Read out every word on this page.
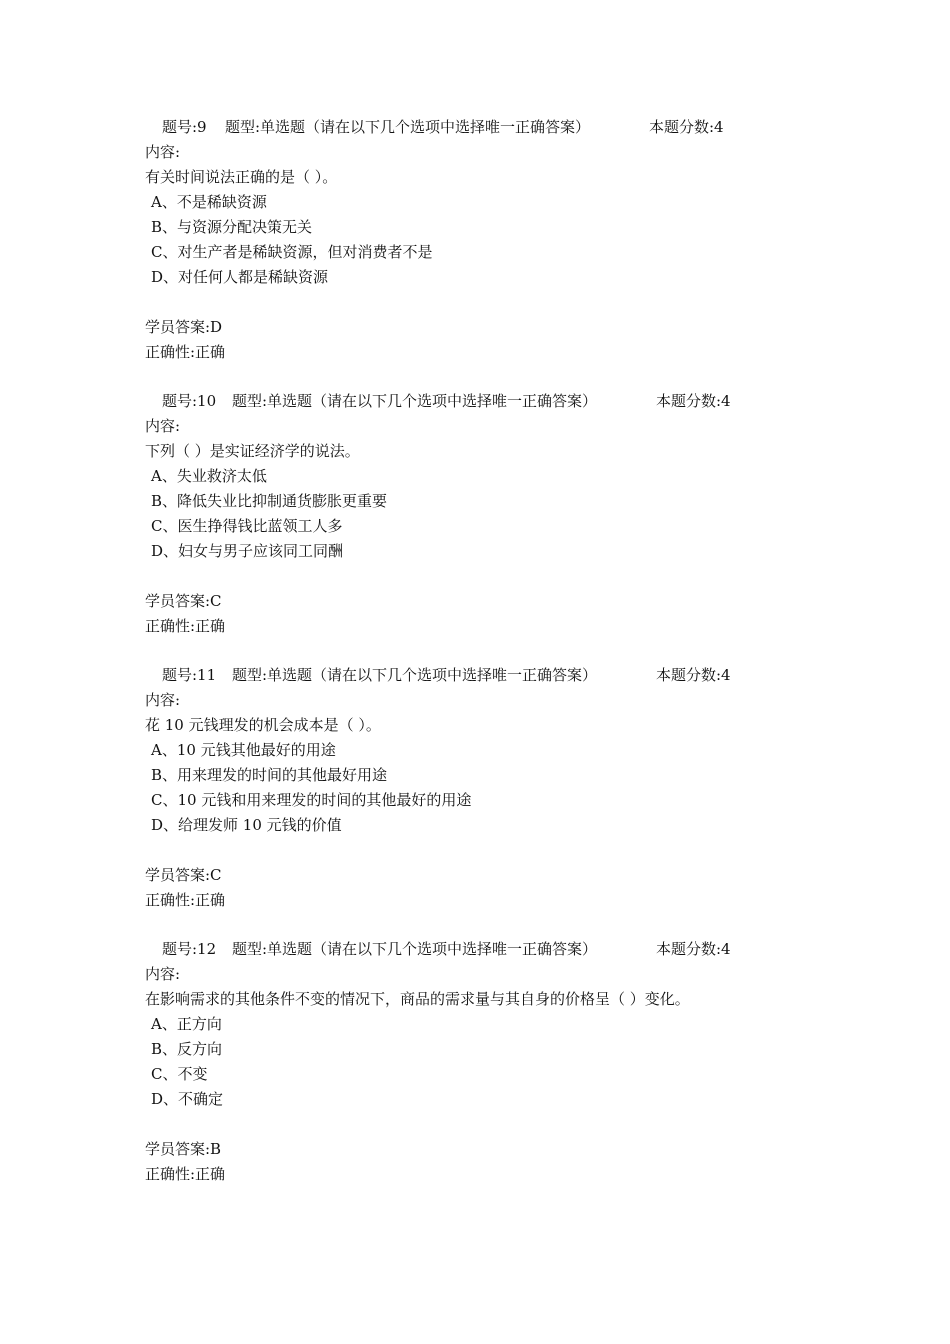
题号:9 题型:单选题（请在以下几个选项中选择唯一正确答案）	本题分数:4
内容:
有关时间说法正确的是（ ）。
A、不是稀缺资源
B、与资源分配决策无关
C、对生产者是稀缺资源，但对消费者不是
D、对任何人都是稀缺资源
学员答案:D
正确性:正确
题号:10 题型:单选题（请在以下几个选项中选择唯一正确答案）	本题分数:4
内容:
下列（ ）是实证经济学的说法。
A、失业救济太低
B、降低失业比抑制通货膨胀更重要
C、医生挣得钱比蓝领工人多
D、妇女与男子应该同工同酬
学员答案:C
正确性:正确
题号:11 题型:单选题（请在以下几个选项中选择唯一正确答案）	本题分数:4
内容:
花 10 元钱理发的机会成本是（ ）。
A、10 元钱其他最好的用途
B、用来理发的时间的其他最好用途
C、10 元钱和用来理发的时间的其他最好的用途
D、给理发师 10 元钱的价值
学员答案:C
正确性:正确
题号:12 题型:单选题（请在以下几个选项中选择唯一正确答案）	本题分数:4
内容:
在影响需求的其他条件不变的情况下，商品的需求量与其自身的价格呈（ ）变化。
A、正方向
B、反方向
C、不变
D、不确定
学员答案:B
正确性:正确
